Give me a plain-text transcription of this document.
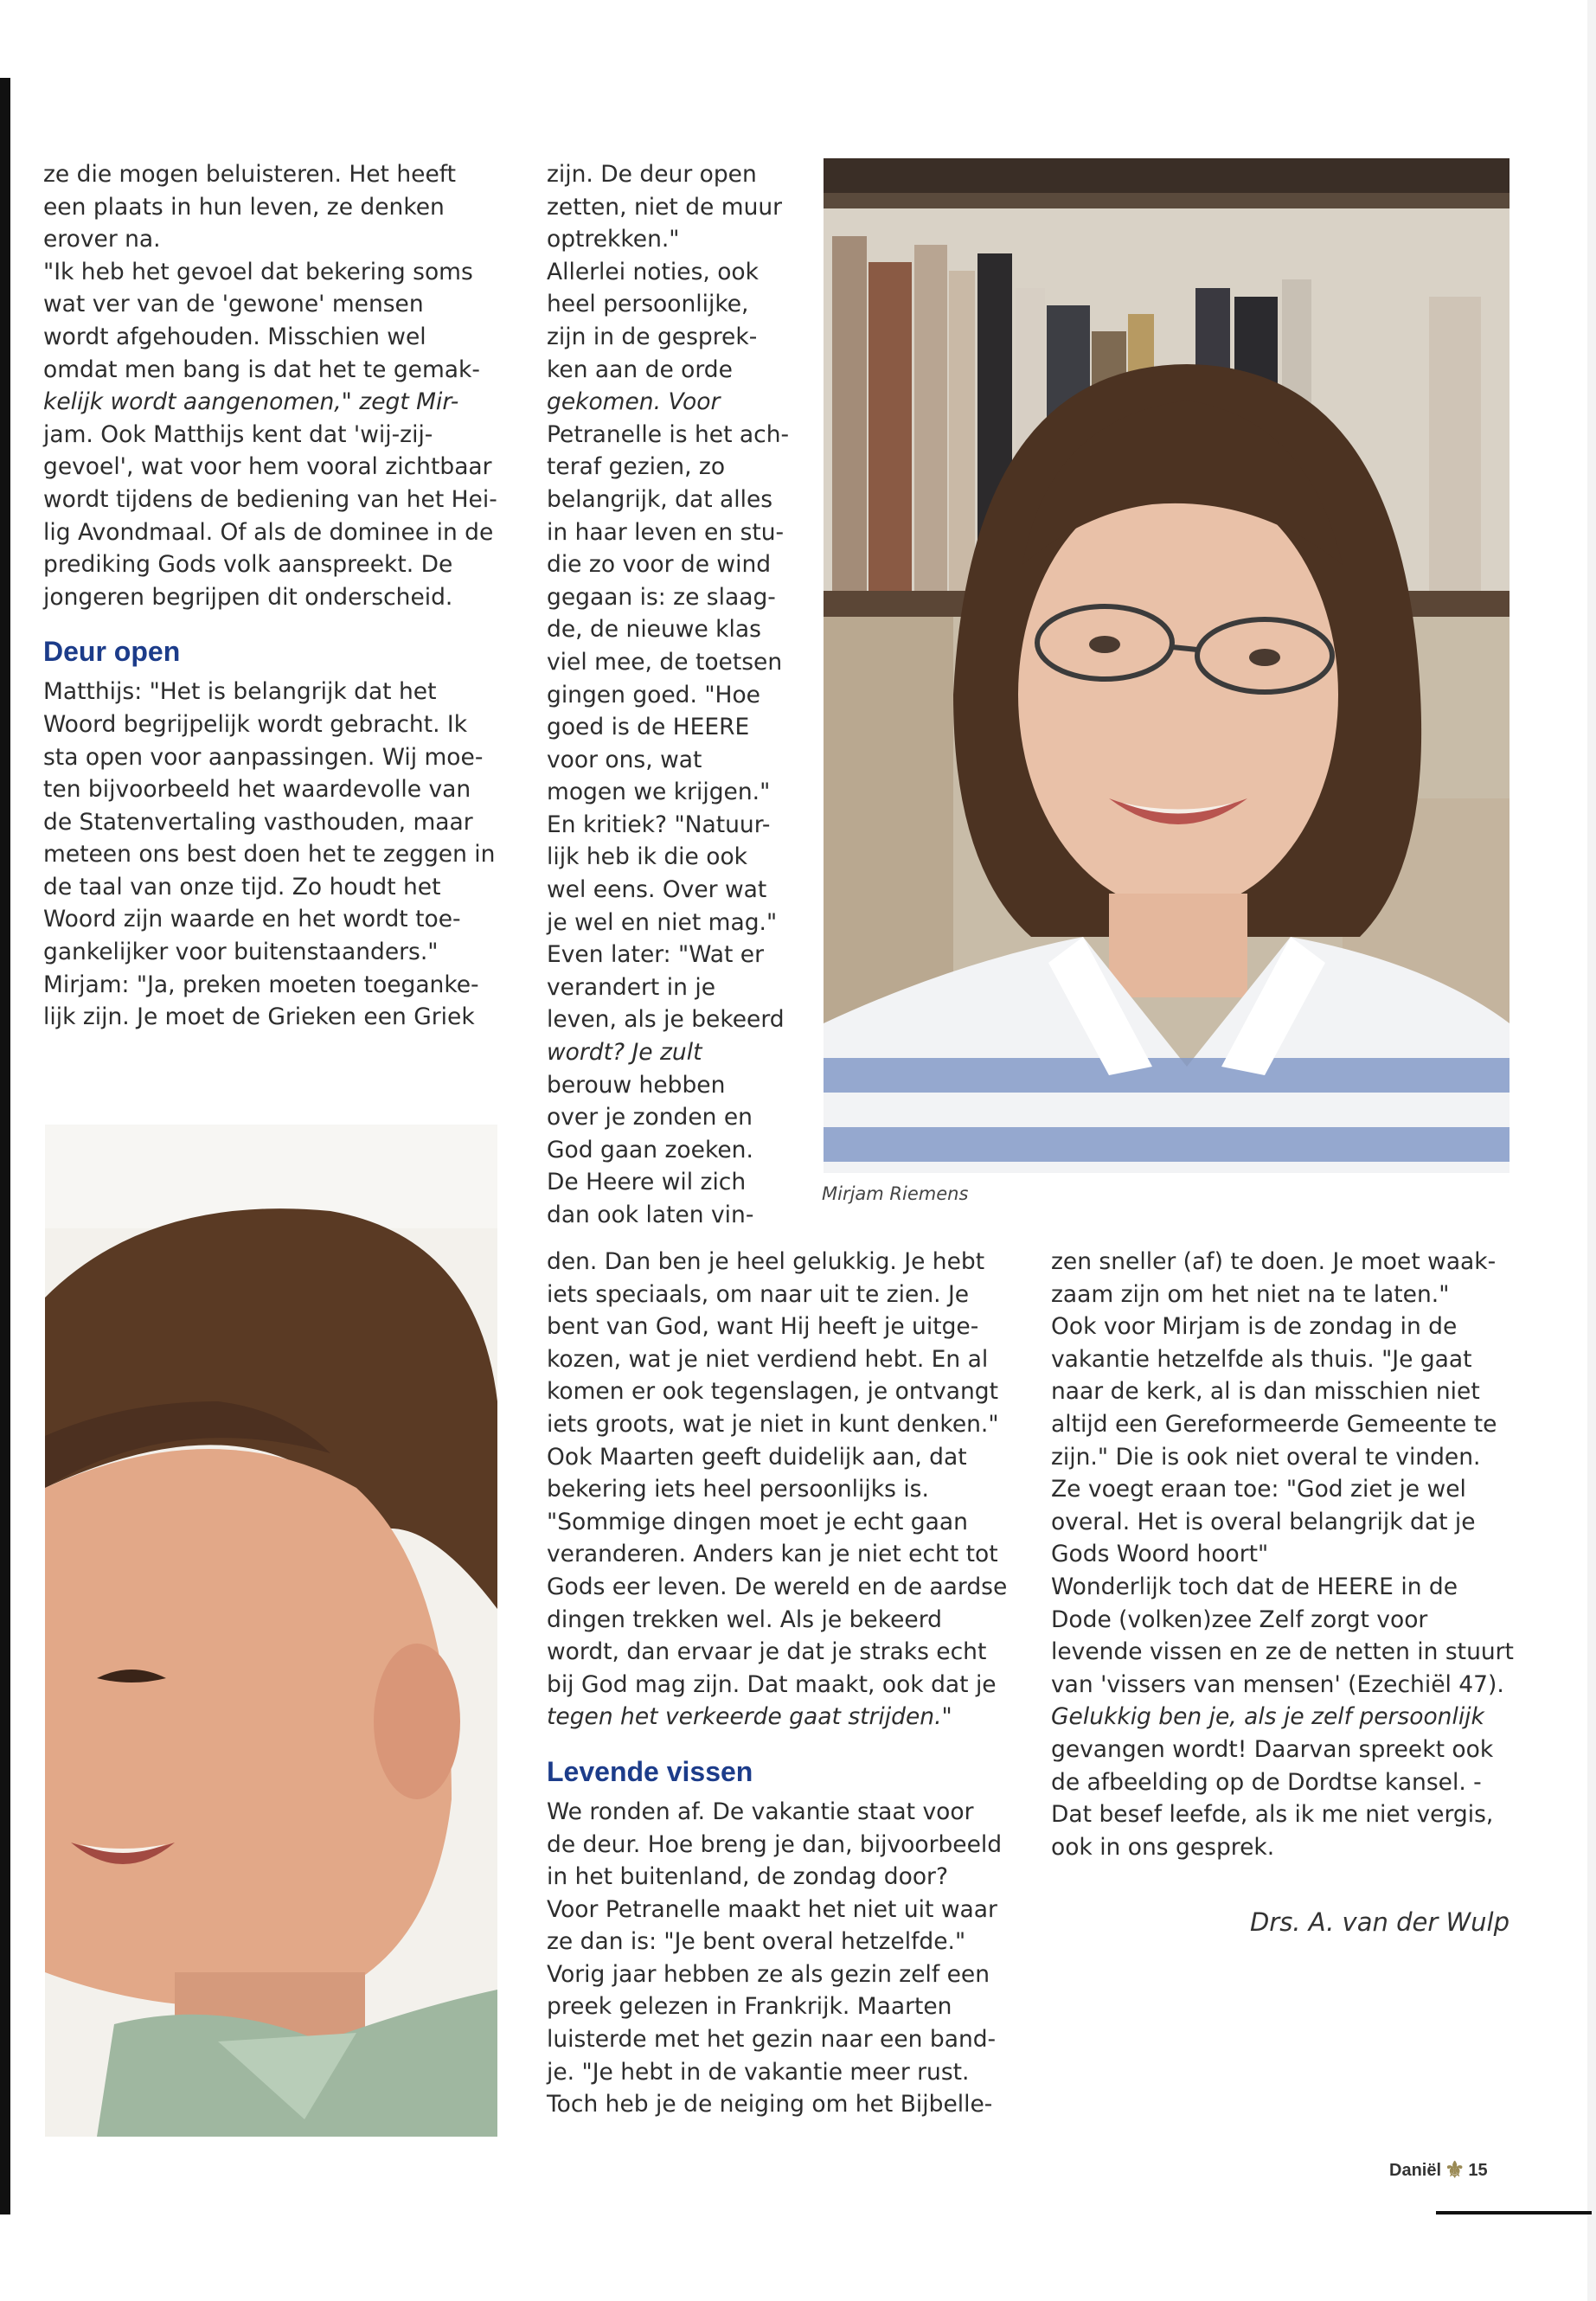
ze die mogen beluisteren. Het heeft

een plaats in hun leven, ze denken

erover na.

"Ik heb het gevoel dat bekering soms

wat ver van de 'gewone' mensen

wordt afgehouden. Misschien wel

omdat men bang is dat het te gemak-

kelijk wordt aangenomen," zegt Mir-

jam. Ook Matthijs kent dat 'wij-zij-

gevoel', wat voor hem vooral zichtbaar

wordt tijdens de bediening van het Hei-

lig Avondmaal. Of als de dominee in de

prediking Gods volk aanspreekt. De

jongeren begrijpen dit onderscheid.

Deur open

Matthijs: "Het is belangrijk dat het

Woord begrijpelijk wordt gebracht. Ik

sta open voor aanpassingen. Wij moe-

ten bijvoorbeeld het waardevolle van

de Statenvertaling vasthouden, maar

meteen ons best doen het te zeggen in

de taal van onze tijd. Zo houdt het

Woord zijn waarde en het wordt toe-

gankelijker voor buitenstaanders."

Mirjam: "Ja, preken moeten toeganke-

lijk zijn. Je moet de Grieken een Griek

zijn. De deur open

zetten, niet de muur

optrekken."

Allerlei noties, ook

heel persoonlijke,

zijn in de gesprek-

ken aan de orde

gekomen. Voor

Petranelle is het ach-

teraf gezien, zo

belangrijk, dat alles

in haar leven en stu-

die zo voor de wind

gegaan is: ze slaag-

de, de nieuwe klas

viel mee, de toetsen

gingen goed. "Hoe

goed is de HEERE

voor ons, wat

mogen we krijgen."

En kritiek? "Natuur-

lijk heb ik die ook

wel eens. Over wat

je wel en niet mag."

Even later: "Wat er

verandert in je

leven, als je bekeerd

wordt? Je zult

berouw hebben

over je zonden en

God gaan zoeken.

De Heere wil zich

dan ook laten vin-

den. Dan ben je heel gelukkig. Je hebt

iets speciaals, om naar uit te zien. Je

bent van God, want Hij heeft je uitge-

kozen, wat je niet verdiend hebt. En al

komen er ook tegenslagen, je ontvangt

iets groots, wat je niet in kunt denken."

Ook Maarten geeft duidelijk aan, dat

bekering iets heel persoonlijks is.

"Sommige dingen moet je echt gaan

veranderen. Anders kan je niet echt tot

Gods eer leven. De wereld en de aardse

dingen trekken wel. Als je bekeerd

wordt, dan ervaar je dat je straks echt

bij God mag zijn. Dat maakt, ook dat je

tegen het verkeerde gaat strijden."

Levende vissen

We ronden af. De vakantie staat voor

de deur. Hoe breng je dan, bijvoorbeeld

in het buitenland, de zondag door?

Voor Petranelle maakt het niet uit waar

ze dan is: "Je bent overal hetzelfde."

Vorig jaar hebben ze als gezin zelf een

preek gelezen in Frankrijk. Maarten

luisterde met het gezin naar een band-

je. "Je hebt in de vakantie meer rust.

Toch heb je de neiging om het Bijbelle-

zen sneller (af) te doen. Je moet waak-

zaam zijn om het niet na te laten."

Ook voor Mirjam is de zondag in de

vakantie hetzelfde als thuis. "Je gaat

naar de kerk, al is dan misschien niet

altijd een Gereformeerde Gemeente te

zijn." Die is ook niet overal te vinden.

Ze voegt eraan toe: "God ziet je wel

overal. Het is overal belangrijk dat je

Gods Woord hoort"

Wonderlijk toch dat de HEERE in de

Dode (volken)zee Zelf zorgt voor

levende vissen en ze de netten in stuurt

van 'vissers van mensen' (Ezechiël 47).

Gelukkig ben je, als je zelf persoonlijk

gevangen wordt! Daarvan spreekt ook

de afbeelding op de Dordtse kansel. -

Dat besef leefde, als ik me niet vergis,

ook in ons gesprek.

Mirjam Riemens
Drs. A. van der Wulp
Daniël ⚜ 15
